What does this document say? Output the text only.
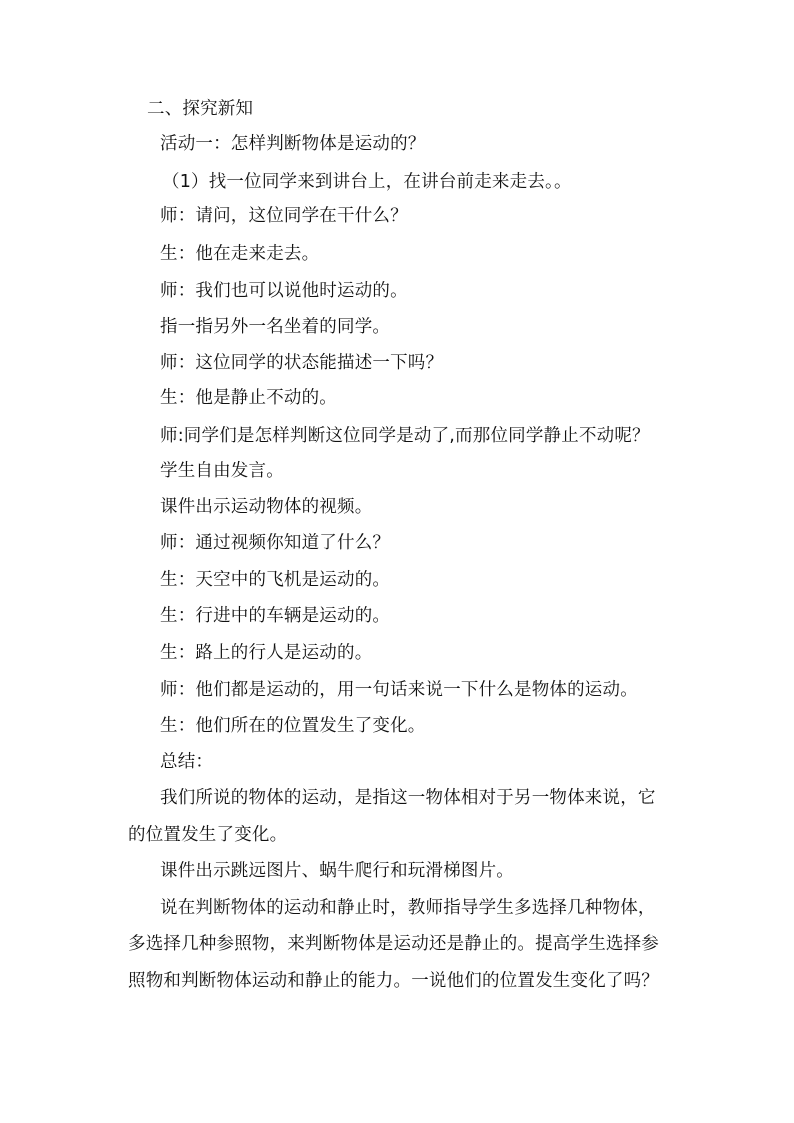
二、探究新知
活动一：怎样判断物体是运动的？
（1）找一位同学来到讲台上，在讲台前走来走去。。
师：请问，这位同学在干什么？
生：他在走来走去。
师：我们也可以说他时运动的。
指一指另外一名坐着的同学。
师：这位同学的状态能描述一下吗？
生：他是静止不动的。
师:同学们是怎样判断这位同学是动了,而那位同学静止不动呢？
学生自由发言。
课件出示运动物体的视频。
师：通过视频你知道了什么？
生：天空中的飞机是运动的。
生：行进中的车辆是运动的。
生：路上的行人是运动的。
师：他们都是运动的，用一句话来说一下什么是物体的运动。
生：他们所在的位置发生了变化。
总结：
我们所说的物体的运动，是指这一物体相对于另一物体来说，它
的位置发生了变化。
课件出示跳远图片、蜗牛爬行和玩滑梯图片。
说在判断物体的运动和静止时，教师指导学生多选择几种物体，
多选择几种参照物，来判断物体是运动还是静止的。提高学生选择参
照物和判断物体运动和静止的能力。一说他们的位置发生变化了吗？
